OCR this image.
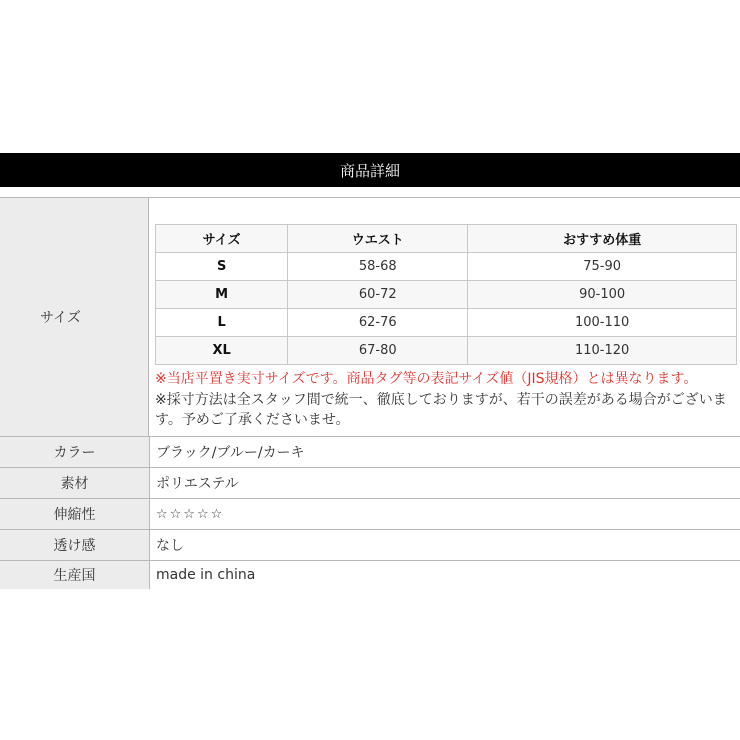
商品詳細
サイズ
サイズ	ウエスト	おすすめ体重
S	58-68	75-90
M	60-72	90-100
L	62-76	100-110
XL	67-80	110-120
※当店平置き実寸サイズです。商品タグ等の表記サイズ値（JIS規格）とは異なります。
※採寸方法は全スタッフ間で統一、徹底しておりますが、若干の誤差がある場合がございます。予めご了承くださいませ。
カラー	ブラック/ブルー/カーキ
素材	ポリエステル
伸縮性	☆☆☆☆☆
透け感	なし
生産国	made in china
